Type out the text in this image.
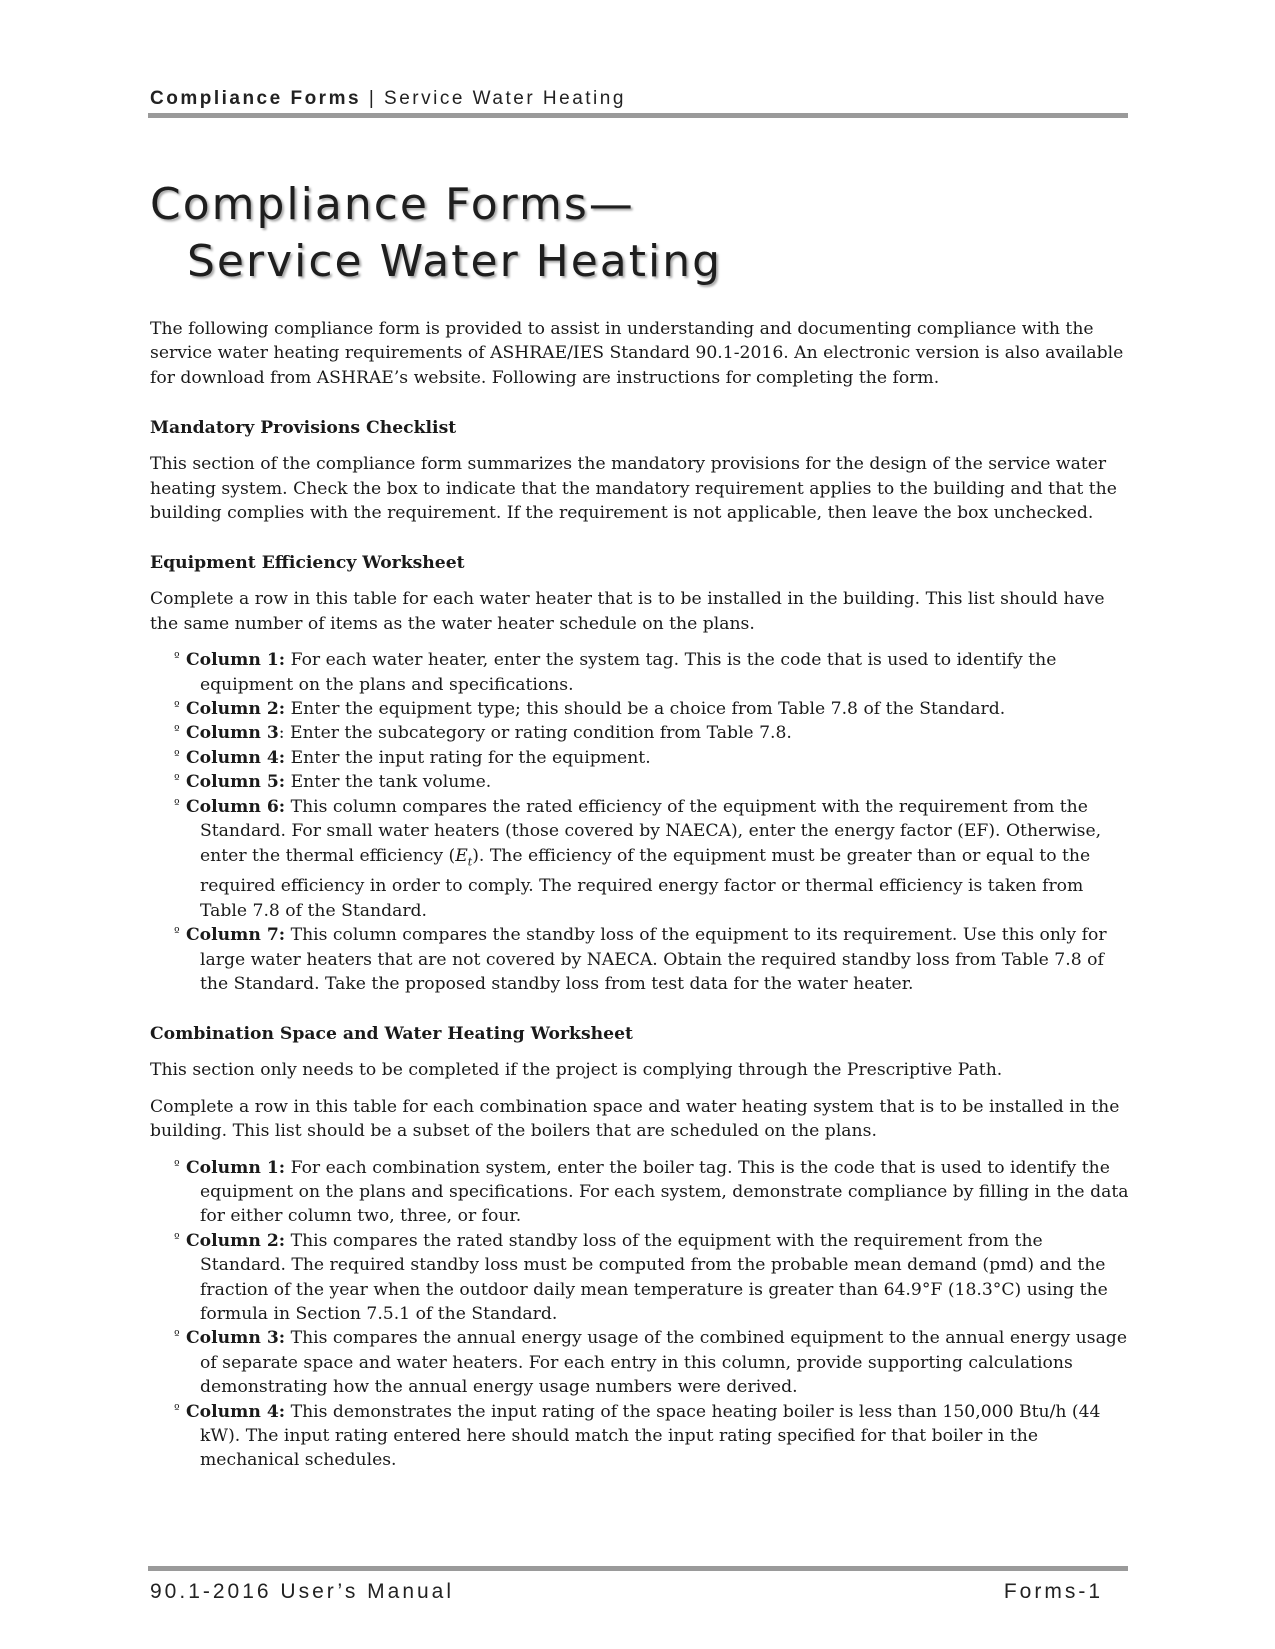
Compliance Forms | Service Water Heating
Compliance Forms—
Service Water Heating

The following compliance form is provided to assist in understanding and documenting compliance with the service water heating requirements of ASHRAE/IES Standard 90.1-2016. An electronic version is also available for download from ASHRAE’s website. Following are instructions for completing the form.

Mandatory Provisions Checklist

This section of the compliance form summarizes the mandatory provisions for the design of the service water heating system. Check the box to indicate that the mandatory requirement applies to the building and that the building complies with the requirement. If the requirement is not applicable, then leave the box unchecked.

Equipment Efficiency Worksheet

Complete a row in this table for each water heater that is to be installed in the building. This list should have the same number of items as the water heater schedule on the plans.

º Column 1: For each water heater, enter the system tag. This is the code that is used to identify the equipment on the plans and specifications.
º Column 2: Enter the equipment type; this should be a choice from Table 7.8 of the Standard.
º Column 3: Enter the subcategory or rating condition from Table 7.8.
º Column 4: Enter the input rating for the equipment.
º Column 5: Enter the tank volume.
º Column 6: This column compares the rated efficiency of the equipment with the requirement from the Standard. For small water heaters (those covered by NAECA), enter the energy factor (EF). Otherwise, enter the thermal efficiency $(E_t)$. The efficiency of the equipment must be greater than or equal to the required efficiency in order to comply. The required energy factor or thermal efficiency is taken from Table 7.8 of the Standard.
º Column 7: This column compares the standby loss of the equipment to its requirement. Use this only for large water heaters that are not covered by NAECA. Obtain the required standby loss from Table 7.8 of the Standard. Take the proposed standby loss from test data for the water heater.
Combination Space and Water Heating Worksheet

This section only needs to be completed if the project is complying through the Prescriptive Path.

Complete a row in this table for each combination space and water heating system that is to be installed in the building. This list should be a subset of the boilers that are scheduled on the plans.

º Column 1: For each combination system, enter the boiler tag. This is the code that is used to identify the equipment on the plans and specifications. For each system, demonstrate compliance by filling in the data for either column two, three, or four.
º Column 2: This compares the rated standby loss of the equipment with the requirement from the Standard. The required standby loss must be computed from the probable mean demand (pmd) and the fraction of the year when the outdoor daily mean temperature is greater than 64.9°F (18.3°C) using the formula in Section 7.5.1 of the Standard.
º Column 3: This compares the annual energy usage of the combined equipment to the annual energy usage of separate space and water heaters. For each entry in this column, provide supporting calculations demonstrating how the annual energy usage numbers were derived.
º Column 4: This demonstrates the input rating of the space heating boiler is less than 150,000 Btu/h (44 kW). The input rating entered here should match the input rating specified for that boiler in the mechanical schedules.
90.1-2016 User’s Manual	Forms-1
